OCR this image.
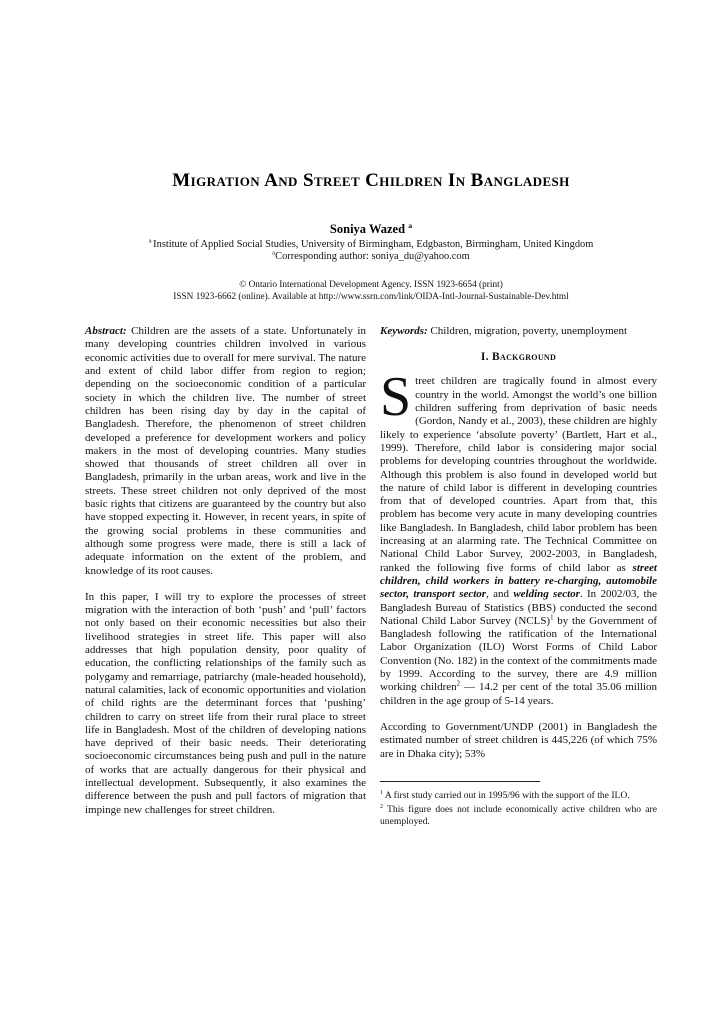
Migration And Street Children In Bangladesh
Soniya Wazed $^a$
$^a$ Institute of Applied Social Studies, University of Birmingham, Edgbaston, Birmingham, United Kingdom
$^a$Corresponding author: soniya_du@yahoo.com
© Ontario International Development Agency. ISSN 1923-6654 (print)
ISSN 1923-6662 (online). Available at http://www.ssrn.com/link/OIDA-Intl-Journal-Sustainable-Dev.html

Abstract: Children are the assets of a state. Unfortunately in many developing countries children involved in various economic activities due to overall for mere survival. The nature and extent of child labor differ from region to region; depending on the socioeconomic condition of a particular society in which the children live. The number of street children has been rising day by day in the capital of Bangladesh. Therefore, the phenomenon of street children developed a preference for development workers and policy makers in the most of developing countries. Many studies showed that thousands of street children all over in Bangladesh, primarily in the urban areas, work and live in the streets. These street children not only deprived of the most basic rights that citizens are guaranteed by the country but also have stopped expecting it. However, in recent years, in spite of the growing social problems in these communities and although some progress were made, there is still a lack of adequate information on the extent of the problem, and knowledge of its root causes.

In this paper, I will try to explore the processes of street migration with the interaction of both ‘push’ and ‘pull’ factors not only based on their economic necessities but also their livelihood strategies in street life. This paper will also addresses that high population density, poor quality of education, the conflicting relationships of the family such as polygamy and remarriage, patriarchy (male-headed household), natural calamities, lack of economic opportunities and violation of child rights are the determinant forces that ‘pushing’ children to carry on street life from their rural place to street life in Bangladesh. Most of the children of developing nations have deprived of their basic needs. Their deteriorating socioeconomic circumstances being push and pull in the nature of works that are actually dangerous for their physical and intellectual development. Subsequently, it also examines the difference between the push and pull factors of migration that impinge new challenges for street children.

Keywords: Children, migration, poverty, unemployment

I. Background

Street children are tragically found in almost every country in the world. Amongst the world’s one billion children suffering from deprivation of basic needs (Gordon, Nandy et al., 2003), these children are highly likely to experience ‘absolute poverty’ (Bartlett, Hart et al., 1999). Therefore, child labor is considering major social problems for developing countries throughout the worldwide. Although this problem is also found in developed world but the nature of child labor is different in developing countries from that of developed countries. Apart from that, this problem has become very acute in many developing countries like Bangladesh. In Bangladesh, child labor problem has been increasing at an alarming rate. The Technical Committee on National Child Labor Survey, 2002-2003, in Bangladesh, ranked the following five forms of child labor as street children, child workers in battery re-charging, automobile sector, transport sector, and welding sector. In 2002/03, the Bangladesh Bureau of Statistics (BBS) conducted the second National Child Labor Survey (NCLS)$^1$ by the Government of Bangladesh following the ratification of the International Labor Organization (ILO) Worst Forms of Child Labor Convention (No. 182) in the context of the commitments made by 1999. According to the survey, there are 4.9 million working children$^2$ — 14.2 per cent of the total 35.06 million children in the age group of 5-14 years.

According to Government/UNDP (2001) in Bangladesh the estimated number of street children is 445,226 (of which 75% are in Dhaka city); 53%

$^1$ A first study carried out in 1995/96 with the support of the ILO.

$^2$ This figure does not include economically active children who are unemployed.
